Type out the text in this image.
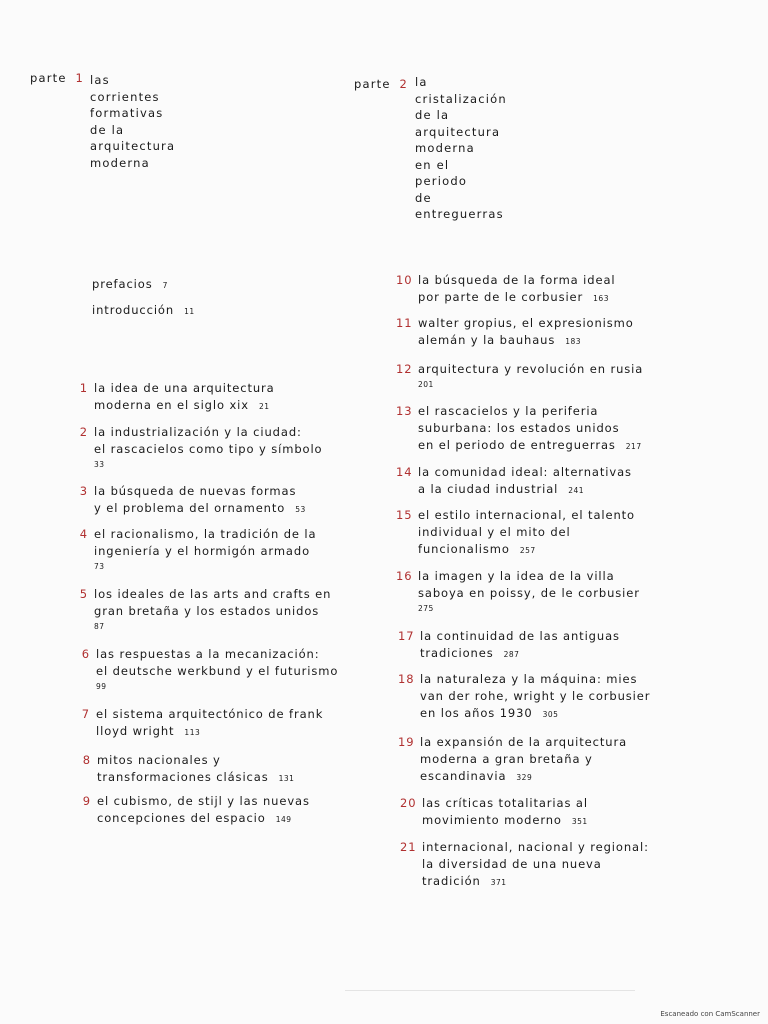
parte 1 las
corrientes
formativas
de la
arquitectura
moderna
parte 2 la
cristalización
de la
arquitectura
moderna
en el
periodo
de
entreguerras
prefacios 7
introducción 11
1 la idea de una arquitectura
moderna en el siglo xix 21
2 la industrialización y la ciudad:
el rascacielos como tipo y símbolo
33
3 la búsqueda de nuevas formas
y el problema del ornamento 53
4 el racionalismo, la tradición de la
ingeniería y el hormigón armado
73
5 los ideales de las arts and crafts en
gran bretaña y los estados unidos
87
6 las respuestas a la mecanización:
el deutsche werkbund y el futurismo
99
7 el sistema arquitectónico de frank
lloyd wright 113
8 mitos nacionales y
transformaciones clásicas 131
9 el cubismo, de stijl y las nuevas
concepciones del espacio 149
10 la búsqueda de la forma ideal
por parte de le corbusier 163
11 walter gropius, el expresionismo
alemán y la bauhaus 183
12 arquitectura y revolución en rusia
201
13 el rascacielos y la periferia
suburbana: los estados unidos
en el periodo de entreguerras 217
14 la comunidad ideal: alternativas
a la ciudad industrial 241
15 el estilo internacional, el talento
individual y el mito del
funcionalismo 257
16 la imagen y la idea de la villa
saboya en poissy, de le corbusier
275
17 la continuidad de las antiguas
tradiciones 287
18 la naturaleza y la máquina: mies
van der rohe, wright y le corbusier
en los años 1930 305
19 la expansión de la arquitectura
moderna a gran bretaña y
escandinavia 329
20 las críticas totalitarias al
movimiento moderno 351
21 internacional, nacional y regional:
la diversidad de una nueva
tradición 371
Escaneado con CamScanner
